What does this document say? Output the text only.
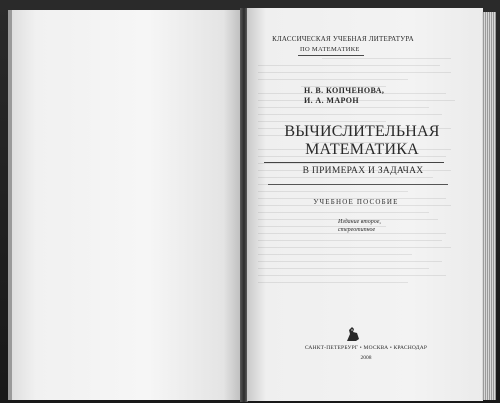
КЛАССИЧЕСКАЯ УЧЕБНАЯ ЛИТЕРАТУРА
ПО МАТЕМАТИКЕ
Н. В. КОПЧЕНОВА,
И. А. МАРОН
ВЫЧИСЛИТЕЛЬНАЯ
МАТЕМАТИКА
В ПРИМЕРАХ И ЗАДАЧАХ
УЧЕБНОЕ ПОСОБИЕ
Издание второе,
стереотипное
САНКТ-ПЕТЕРБУРГ • МОСКВА • КРАСНОДАР
2008
